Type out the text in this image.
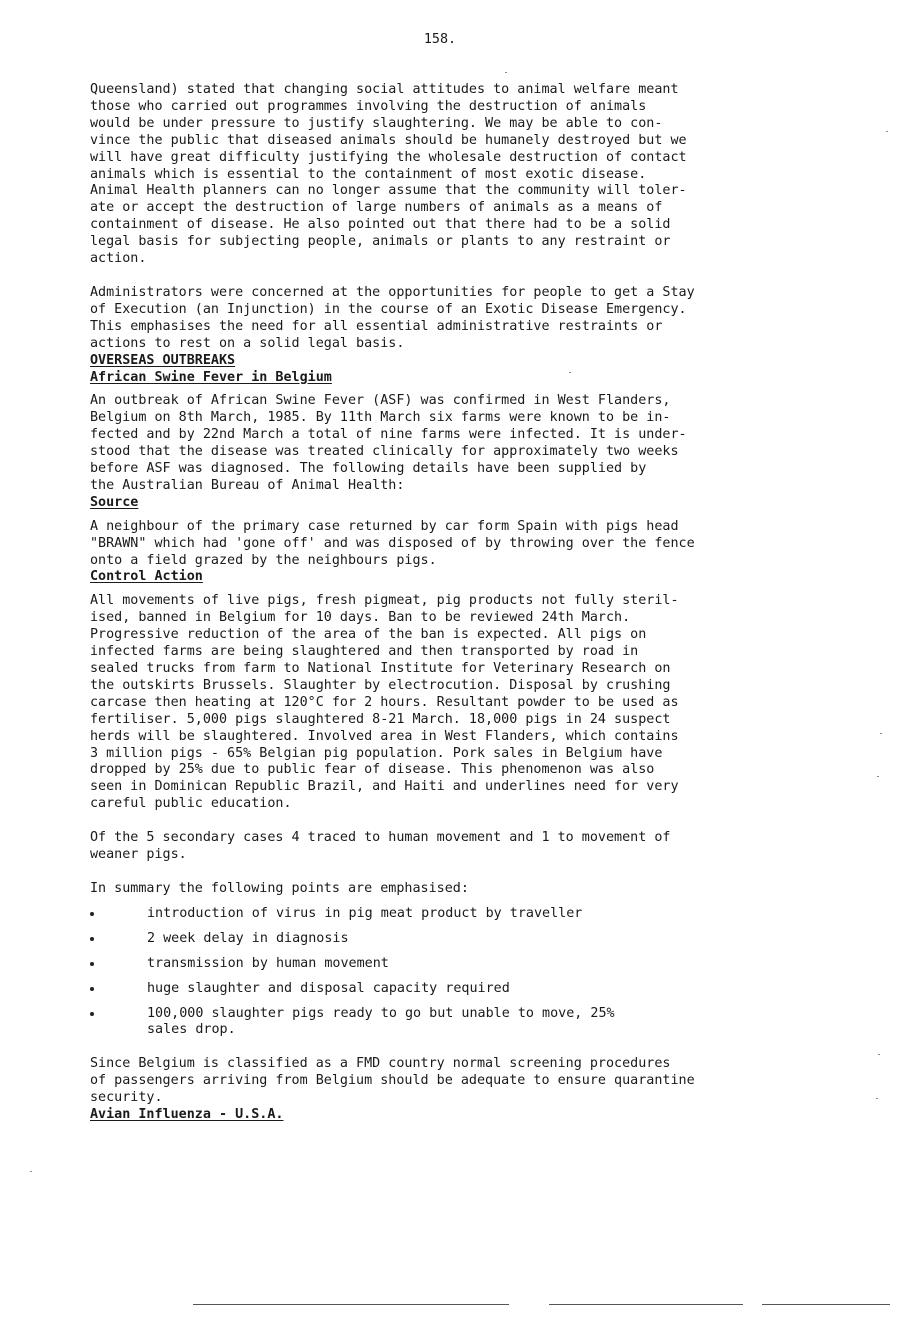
158.

Queensland) stated that changing social attitudes to animal welfare meant
those who carried out programmes involving the destruction of animals
would be under pressure to justify slaughtering. We may be able to con-
vince the public that diseased animals should be humanely destroyed but we
will have great difficulty justifying the wholesale destruction of contact
animals which is essential to the containment of most exotic disease.
Animal Health planners can no longer assume that the community will toler-
ate or accept the destruction of large numbers of animals as a means of
containment of disease. He also pointed out that there had to be a solid
legal basis for subjecting people, animals or plants to any restraint or
action.

Administrators were concerned at the opportunities for people to get a Stay
of Execution (an Injunction) in the course of an Exotic Disease Emergency.
This emphasises the need for all essential administrative restraints or
actions to rest on a solid legal basis.

OVERSEAS OUTBREAKS
African Swine Fever in Belgium

An outbreak of African Swine Fever (ASF) was confirmed in West Flanders,
Belgium on 8th March, 1985. By 11th March six farms were known to be in-
fected and by 22nd March a total of nine farms were infected. It is under-
stood that the disease was treated clinically for approximately two weeks
before ASF was diagnosed. The following details have been supplied by
the Australian Bureau of Animal Health:

Source

A neighbour of the primary case returned by car form Spain with pigs head
"BRAWN" which had 'gone off' and was disposed of by throwing over the fence
onto a field grazed by the neighbours pigs.

Control Action

All movements of live pigs, fresh pigmeat, pig products not fully steril-
ised, banned in Belgium for 10 days. Ban to be reviewed 24th March.
Progressive reduction of the area of the ban is expected. All pigs on
infected farms are being slaughtered and then transported by road in
sealed trucks from farm to National Institute for Veterinary Research on
the outskirts Brussels. Slaughter by electrocution. Disposal by crushing
carcase then heating at 120°C for 2 hours. Resultant powder to be used as
fertiliser. 5,000 pigs slaughtered 8-21 March. 18,000 pigs in 24 suspect
herds will be slaughtered. Involved area in West Flanders, which contains
3 million pigs - 65% Belgian pig population. Pork sales in Belgium have
dropped by 25% due to public fear of disease. This phenomenon was also
seen in Dominican Republic Brazil, and Haiti and underlines need for very
careful public education.

Of the 5 secondary cases 4 traced to human movement and 1 to movement of
weaner pigs.

In summary the following points are emphasised:

introduction of virus in pig meat product by traveller
2 week delay in diagnosis
transmission by human movement
huge slaughter and disposal capacity required
100,000 slaughter pigs ready to go but unable to move, 25%
sales drop.

Since Belgium is classified as a FMD country normal screening procedures
of passengers arriving from Belgium should be adequate to ensure quarantine
security.

Avian Influenza - U.S.A.
